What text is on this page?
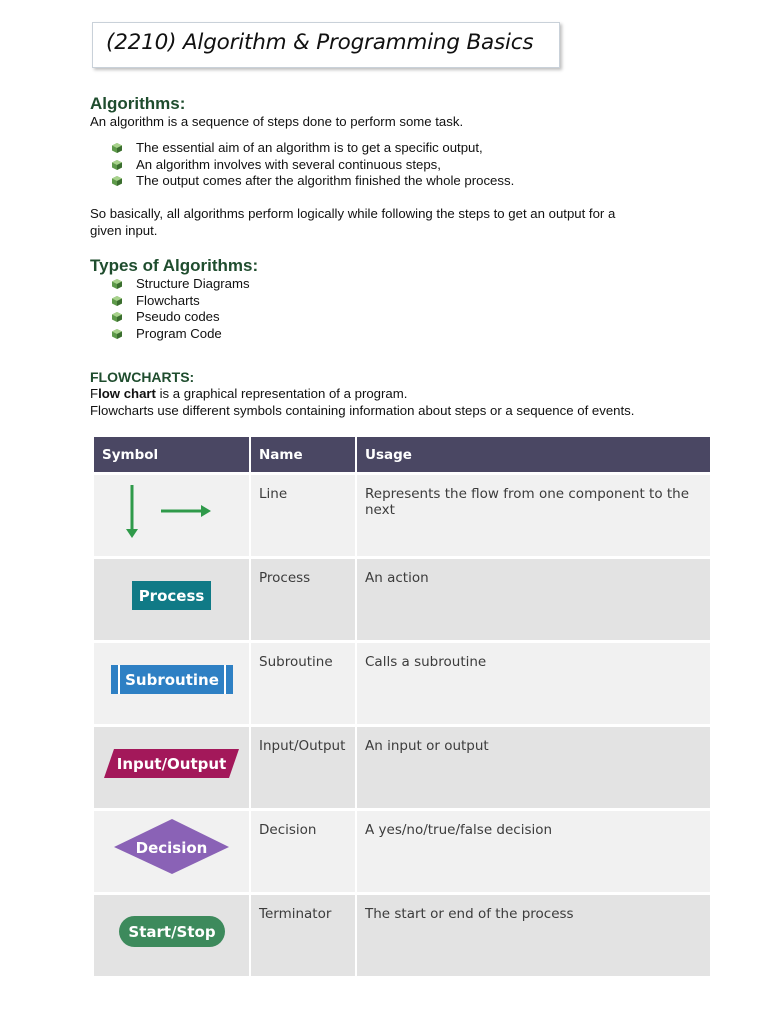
(2210) Algorithm & Programming Basics
Algorithms:
An algorithm is a sequence of steps done to perform some task.
The essential aim of an algorithm is to get a specific output,
An algorithm involves with several continuous steps,
The output comes after the algorithm finished the whole process.
So basically, all algorithms perform logically while following the steps to get an output for a
given input.
Types of Algorithms:
Structure Diagrams
Flowcharts
Pseudo codes
Program Code
FLOWCHARTS:
Flow chart is a graphical representation of a program.
Flowcharts use different symbols containing information about steps or a sequence of events.
Symbol	Name	Usage

	Line	Represents the flow from one component to the next

Process	Process	An action

Subroutine	Subroutine	Calls a subroutine

Input/Output	Input/Output	An input or output

Decision	Decision	A yes/no/true/false decision

Start/Stop	Terminator	The start or end of the process
